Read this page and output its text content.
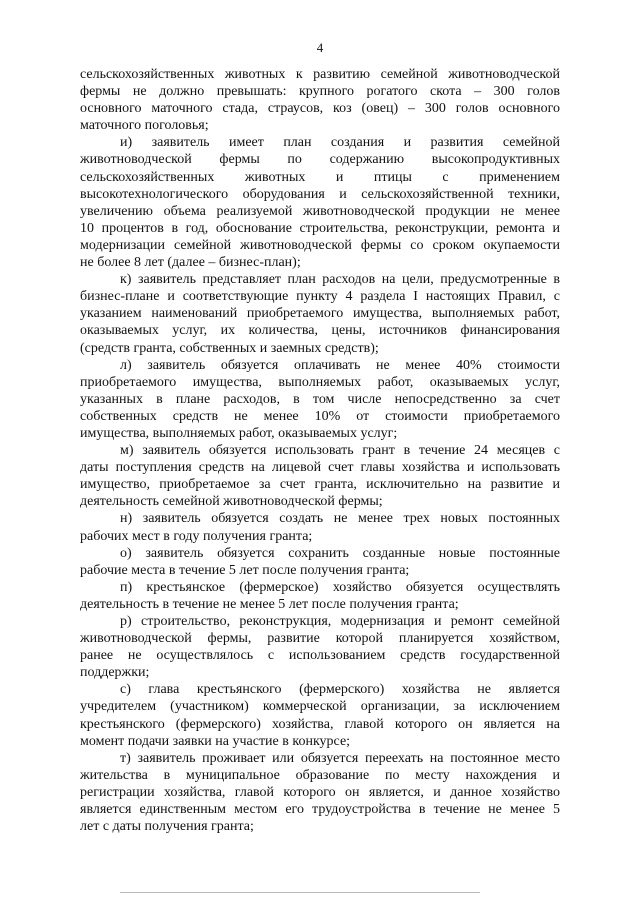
4
сельскохозяйственных животных к развитию семейной животноводческой
фермы не должно превышать: крупного рогатого скота – 300 голов
основного маточного стада, страусов, коз (овец) – 300 голов основного
маточного поголовья;
и) заявитель имеет план создания и развития семейной
животноводческой фермы по содержанию высокопродуктивных
сельскохозяйственных животных и птицы с применением
высокотехнологического оборудования и сельскохозяйственной техники,
увеличению объема реализуемой животноводческой продукции не менее
10 процентов в год, обоснование строительства, реконструкции, ремонта и
модернизации семейной животноводческой фермы со сроком окупаемости
не более 8 лет (далее – бизнес-план);
к) заявитель представляет план расходов на цели, предусмотренные в
бизнес-плане и соответствующие пункту 4 раздела I настоящих Правил, с
указанием наименований приобретаемого имущества, выполняемых работ,
оказываемых услуг, их количества, цены, источников финансирования
(средств гранта, собственных и заемных средств);
л) заявитель обязуется оплачивать не менее 40% стоимости
приобретаемого имущества, выполняемых работ, оказываемых услуг,
указанных в плане расходов, в том числе непосредственно за счет
собственных средств не менее 10% от стоимости приобретаемого
имущества, выполняемых работ, оказываемых услуг;
м) заявитель обязуется использовать грант в течение 24 месяцев с
даты поступления средств на лицевой счет главы хозяйства и использовать
имущество, приобретаемое за счет гранта, исключительно на развитие и
деятельность семейной животноводческой фермы;
н) заявитель обязуется создать не менее трех новых постоянных
рабочих мест в году получения гранта;
о) заявитель обязуется сохранить созданные новые постоянные
рабочие места в течение 5 лет после получения гранта;
п) крестьянское (фермерское) хозяйство обязуется осуществлять
деятельность в течение не менее 5 лет после получения гранта;
р) строительство, реконструкция, модернизация и ремонт семейной
животноводческой фермы, развитие которой планируется хозяйством,
ранее не осуществлялось с использованием средств государственной
поддержки;
с) глава крестьянского (фермерского) хозяйства не является
учредителем (участником) коммерческой организации, за исключением
крестьянского (фермерского) хозяйства, главой которого он является на
момент подачи заявки на участие в конкурсе;
т) заявитель проживает или обязуется переехать на постоянное место
жительства в муниципальное образование по месту нахождения и
регистрации хозяйства, главой которого он является, и данное хозяйство
является единственным местом его трудоустройства в течение не менее 5
лет с даты получения гранта;
